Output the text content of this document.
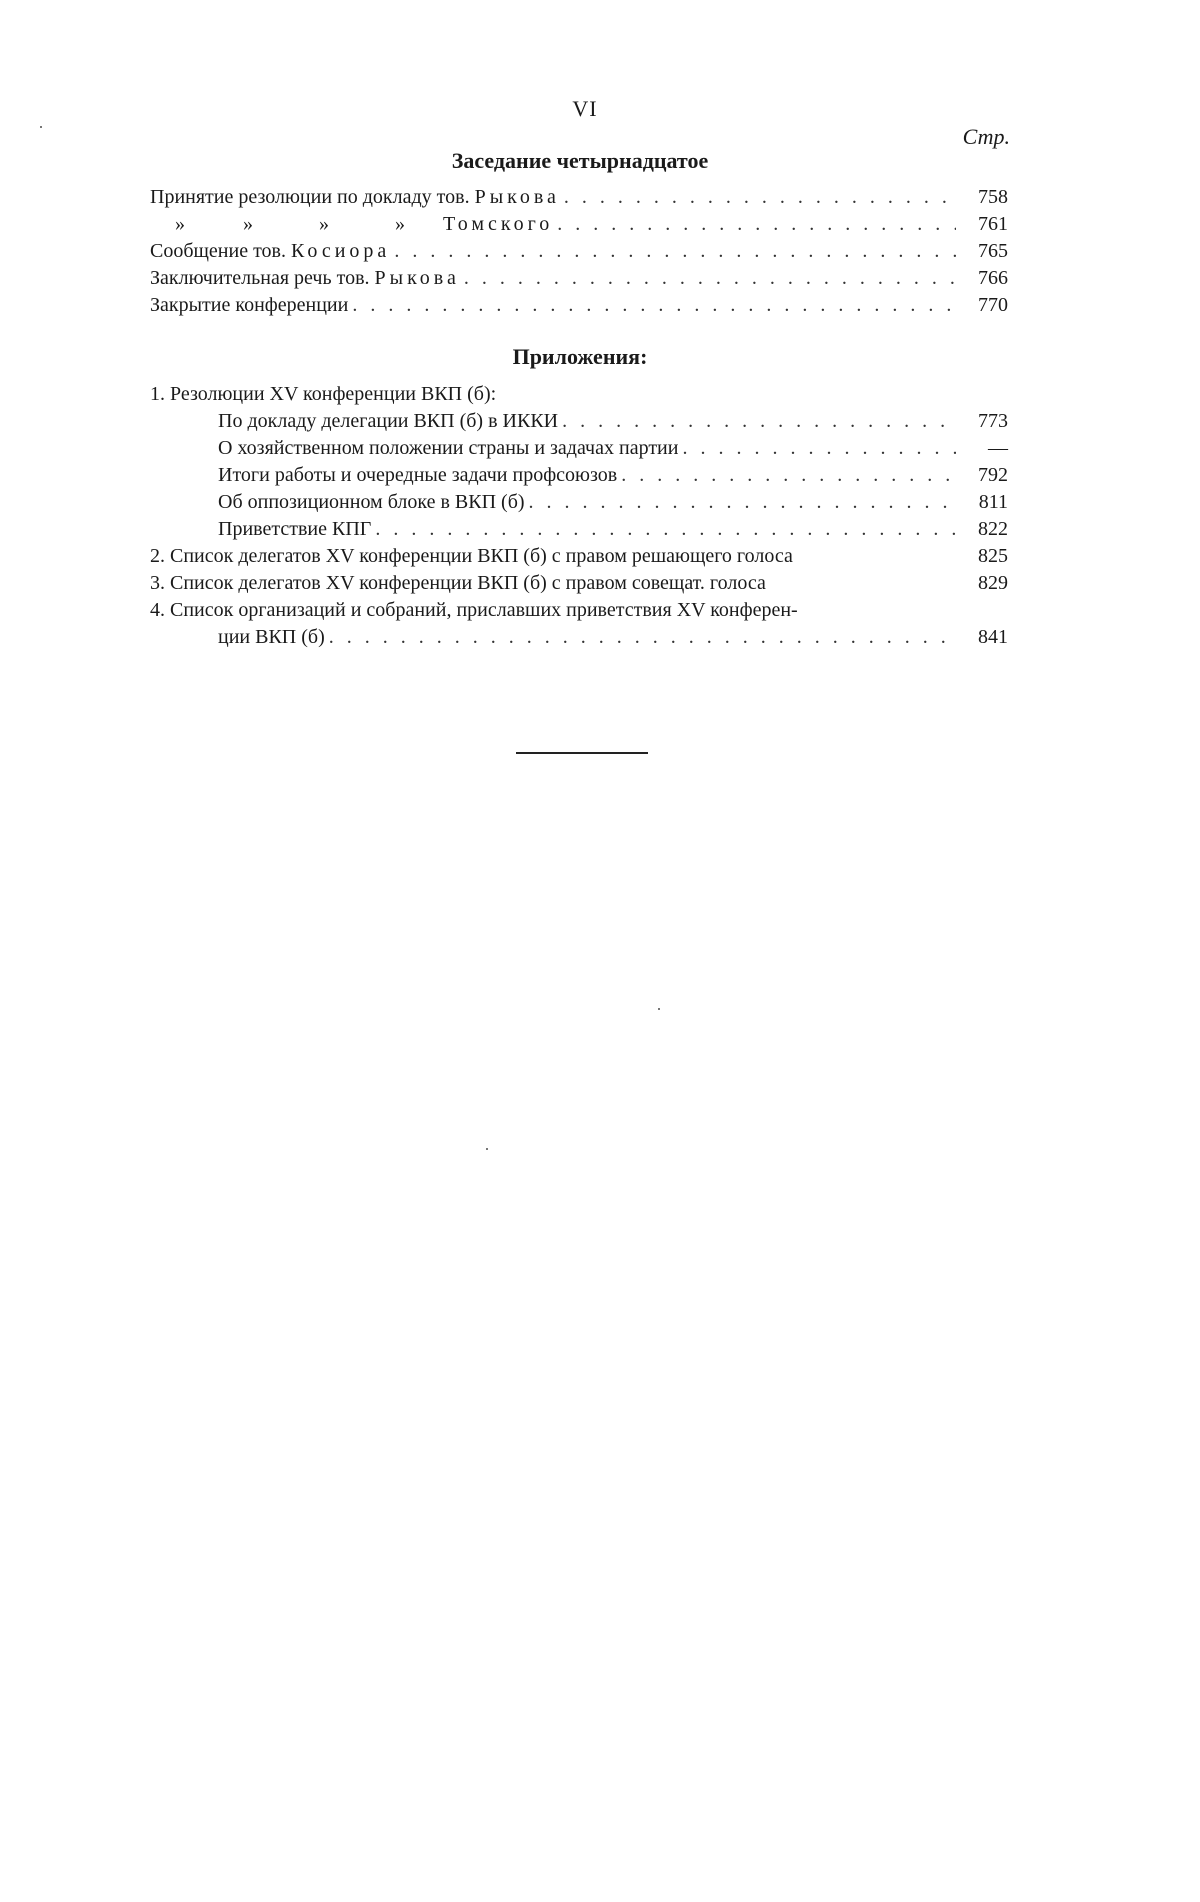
VI
Стр.
Заседание четырнадцатое
Принятие резолюции по докладу тов. Рыкова . . .	758
»	»	»	» Томского . . .	761
Сообщение тов. Косиора . . .	765
Заключительная речь тов. Рыкова . . .	766
Закрытие конференции . . .	770
Приложения:
1. Резолюции XV конференции ВКП (б):
По докладу делегации ВКП (б) в ИККИ . . .	773
О хозяйственном положении страны и задачах партии . . .	—
Итоги работы и очередные задачи профсоюзов . . .	792
Об оппозиционном блоке в ВКП (б) . . .	811
Приветствие КПГ . . .	822
2. Список делегатов XV конференции ВКП (б) с правом решающего голоса	825
3. Список делегатов XV конференции ВКП (б) с правом совещат. голоса	829
4. Список организаций и собраний, приславших приветствия XV конферен-
ции ВКП (б) . . .	841
